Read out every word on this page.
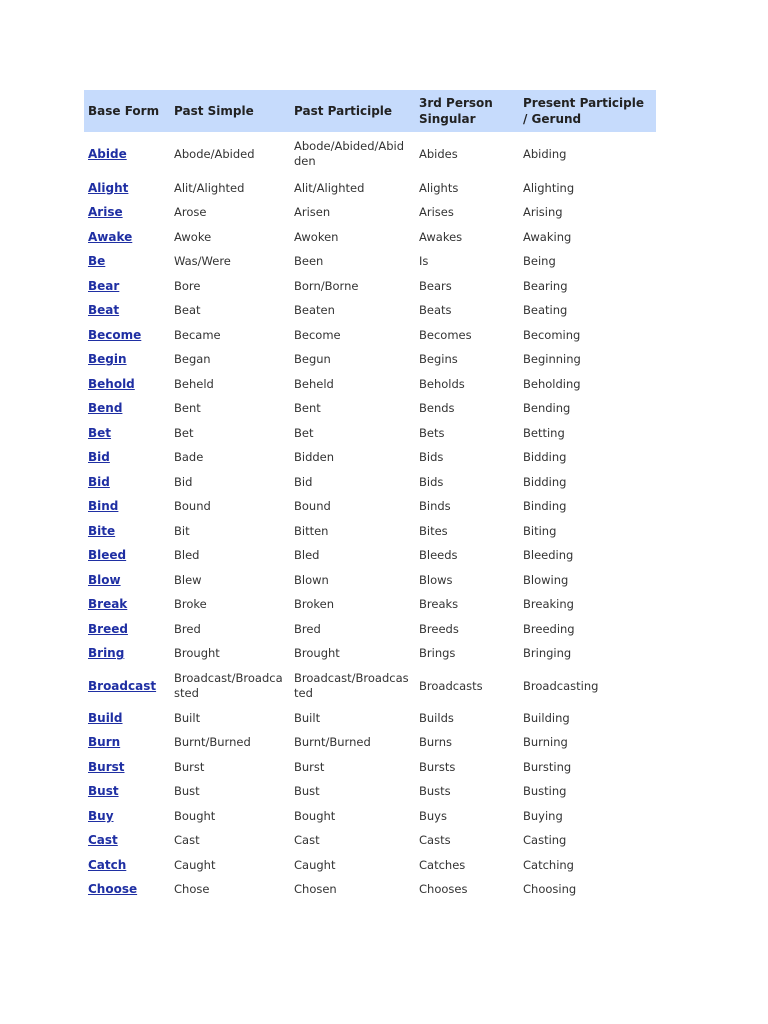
Base Form	Past Simple	Past Participle	3rd Person Singular	Present Participle / Gerund
Abide	Abode/Abided	Abode/Abided/Abidden	Abides	Abiding
Alight	Alit/Alighted	Alit/Alighted	Alights	Alighting
Arise	Arose	Arisen	Arises	Arising
Awake	Awoke	Awoken	Awakes	Awaking
Be	Was/Were	Been	Is	Being
Bear	Bore	Born/Borne	Bears	Bearing
Beat	Beat	Beaten	Beats	Beating
Become	Became	Become	Becomes	Becoming
Begin	Began	Begun	Begins	Beginning
Behold	Beheld	Beheld	Beholds	Beholding
Bend	Bent	Bent	Bends	Bending
Bet	Bet	Bet	Bets	Betting
Bid	Bade	Bidden	Bids	Bidding
Bid	Bid	Bid	Bids	Bidding
Bind	Bound	Bound	Binds	Binding
Bite	Bit	Bitten	Bites	Biting
Bleed	Bled	Bled	Bleeds	Bleeding
Blow	Blew	Blown	Blows	Blowing
Break	Broke	Broken	Breaks	Breaking
Breed	Bred	Bred	Breeds	Breeding
Bring	Brought	Brought	Brings	Bringing
Broadcast	Broadcast/Broadcasted	Broadcast/Broadcasted	Broadcasts	Broadcasting
Build	Built	Built	Builds	Building
Burn	Burnt/Burned	Burnt/Burned	Burns	Burning
Burst	Burst	Burst	Bursts	Bursting
Bust	Bust	Bust	Busts	Busting
Buy	Bought	Bought	Buys	Buying
Cast	Cast	Cast	Casts	Casting
Catch	Caught	Caught	Catches	Catching
Choose	Chose	Chosen	Chooses	Choosing
